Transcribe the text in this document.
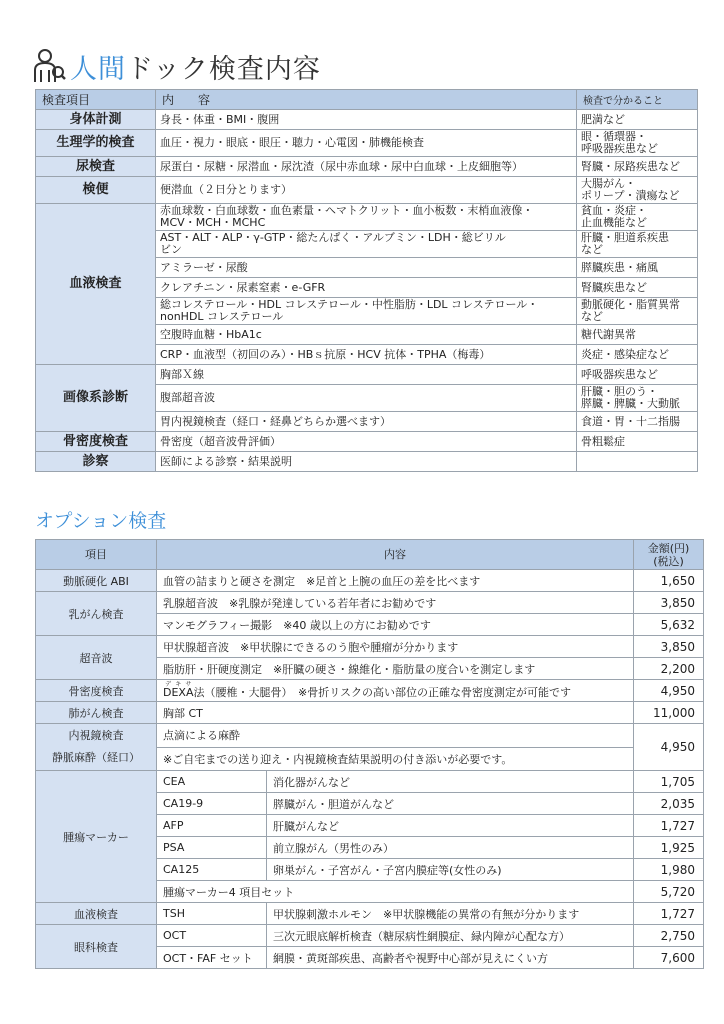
人間ドック検査内容
検査項目	内　　容	検査で分かること
身体計測	身長・体重・BMI・腹囲	肥満など
生理学的検査	血圧・視力・眼底・眼圧・聴力・心電図・肺機能検査	眼・循環器・
呼吸器疾患など
尿検査	尿蛋白・尿糖・尿潜血・尿沈渣（尿中赤血球・尿中白血球・上皮細胞等）	腎臓・尿路疾患など
検便	便潜血（２日分とります）	大腸がん・
ポリープ・潰瘍など
血液検査	赤血球数・白血球数・血色素量・ヘマトクリット・血小板数・末梢血液像・
MCV・MCH・MCHC	貧血・炎症・
止血機能など
	AST・ALT・ALP・γ-GTP・総たんぱく・アルブミン・LDH・総ビリル
ビン	肝臓・胆道系疾患
など
	アミラーゼ・尿酸	膵臓疾患・痛風
	クレアチニン・尿素窒素・e-GFR	腎臓疾患など
	総コレステロール・HDL コレステロール・中性脂肪・LDL コレステロール・
nonHDL コレステロール	動脈硬化・脂質異常
など
	空腹時血糖・HbA1c	糖代謝異常
	CRP・血液型（初回のみ）・HBｓ抗原・HCV 抗体・TPHA（梅毒）	炎症・感染症など
画像系診断	胸部Ｘ線	呼吸器疾患など
	腹部超音波	肝臓・胆のう・
膵臓・脾臓・大動脈
	胃内視鏡検査（経口・経鼻どちらか選べます）	食道・胃・十二指腸
骨密度検査	骨密度（超音波骨評価）	骨粗鬆症
診察	医師による診察・結果説明	
オプション検査
項目	内容		金額(円)
(税込)
動脈硬化 ABI	血管の詰まりと硬さを測定　※足首と上腕の血圧の差を比べます		1,650
乳がん検査	乳腺超音波　※乳腺が発達している若年者にお勧めです		3,850
	マンモグラフィー撮影　※40 歳以上の方にお勧めです		5,632
超音波	甲状腺超音波　※甲状腺にできるのう胞や腫瘤が分かります		3,850
	脂肪肝・肝硬度測定　※肝臓の硬さ・線維化・脂肪量の度合いを測定します		2,200
骨密度検査	DEXAデキサ法（腰椎・大腿骨）　※骨折リスクの高い部位の正確な骨密度測定が可能です		4,950
肺がん検査	胸部 CT		11,000

内視鏡検査
静脈麻酔（経口）	点滴による麻酔		4,950
	※ご自宅までの送り迎え・内視鏡検査結果説明の付き添いが必要です。		
腫瘍マーカー	CEA	消化器がんなど	1,705
	CA19-9	膵臓がん・胆道がんなど	2,035
	AFP	肝臓がんなど	1,727
	PSA	前立腺がん（男性のみ）	1,925
	CA125	卵巣がん・子宮がん・子宮内膜症等(女性のみ)	1,980
	腫瘍マーカー4 項目セット		5,720
血液検査	TSH	甲状腺刺激ホルモン　※甲状腺機能の異常の有無が分かります	1,727
眼科検査	OCT	三次元眼底解析検査（糖尿病性網膜症、緑内障が心配な方）	2,750
	OCT・FAF セット	網膜・黄斑部疾患、高齢者や視野中心部が見えにくい方	7,600
